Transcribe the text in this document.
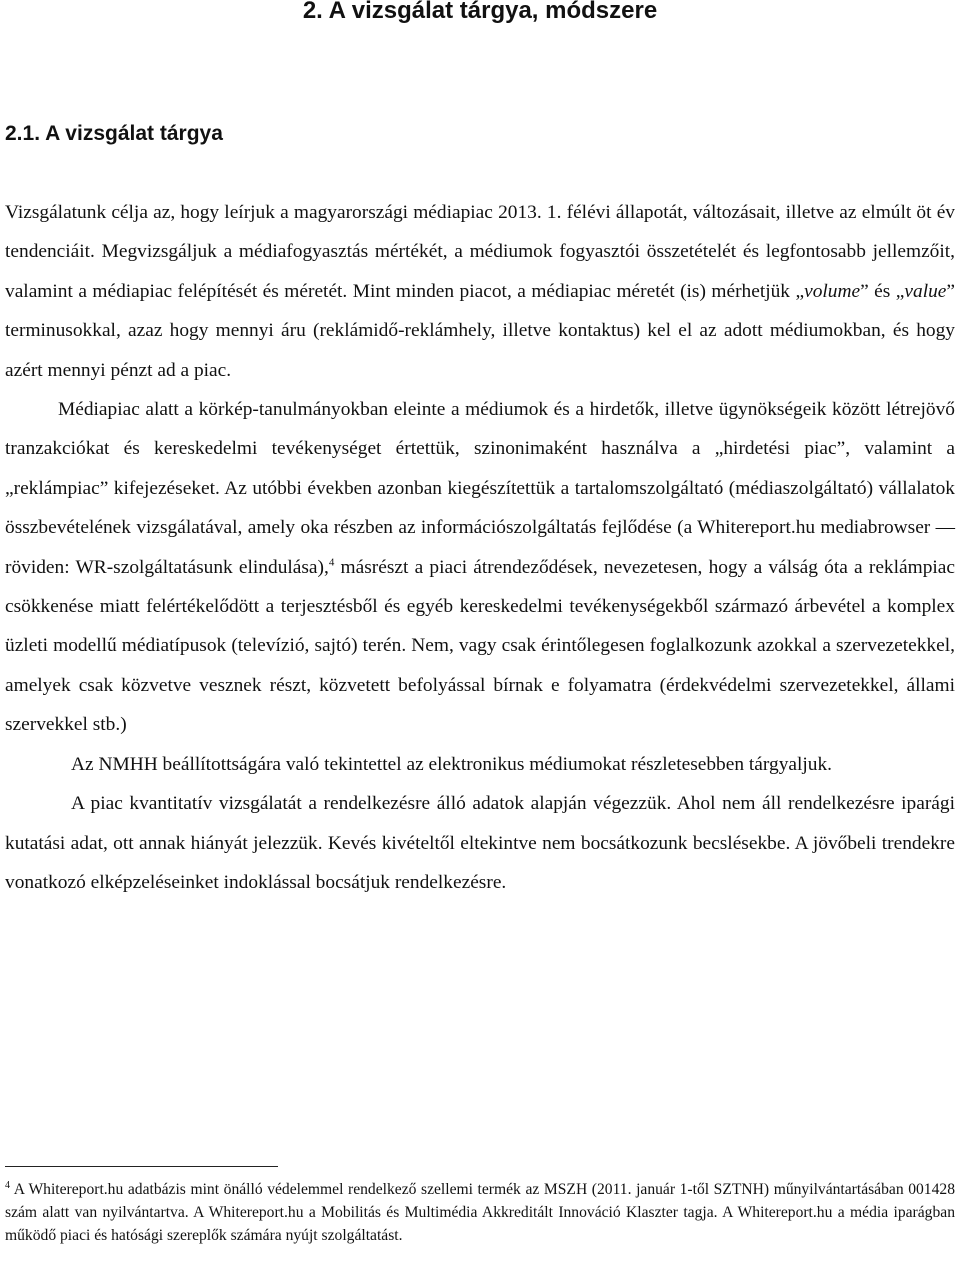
2. A vizsgálat tárgya, módszere
2.1. A vizsgálat tárgya

Vizsgálatunk célja az, hogy leírjuk a magyarországi médiapiac 2013. 1. félévi állapotát, változásait, illetve az elmúlt öt év tendenciáit. Megvizsgáljuk a médiafogyasztás mértékét, a médiumok fogyasztói összetételét és legfontosabb jellemzőit, valamint a médiapiac felépítését és méretét. Mint minden piacot, a médiapiac méretét (is) mérhetjük „volume” és „value” terminusokkal, azaz hogy mennyi áru (reklámidő-reklámhely, illetve kontaktus) kel el az adott médiumokban, és hogy azért mennyi pénzt ad a piac.

Médiapiac alatt a körkép-tanulmányokban eleinte a médiumok és a hirdetők, illetve ügynökségeik között létrejövő tranzakciókat és kereskedelmi tevékenységet értettük, szinonimaként használva a „hirdetési piac”, valamint a „reklámpiac” kifejezéseket. Az utóbbi években azonban kiegészítettük a tartalomszolgáltató (médiaszolgáltató) vállalatok összbevételének vizsgálatával, amely oka részben az információszolgáltatás fejlődése (a Whitereport.hu mediabrowser — röviden: WR-szolgáltatásunk elindulása),$^4$ másrészt a piaci átrendeződések, nevezetesen, hogy a válság óta a reklámpiac csökkenése miatt felértékelődött a terjesztésből és egyéb kereskedelmi tevékenységekből származó árbevétel a komplex üzleti modellű médiatípusok (televízió, sajtó) terén. Nem, vagy csak érintőlegesen foglalkozunk azokkal a szervezetekkel, amelyek csak közvetve vesznek részt, közvetett befolyással bírnak e folyamatra (érdekvédelmi szervezetekkel, állami szervekkel stb.)

Az NMHH beállítottságára való tekintettel az elektronikus médiumokat részletesebben tárgyaljuk.

A piac kvantitatív vizsgálatát a rendelkezésre álló adatok alapján végezzük. Ahol nem áll rendelkezésre iparági kutatási adat, ott annak hiányát jelezzük. Kevés kivételtől eltekintve nem bocsátkozunk becslésekbe. A jövőbeli trendekre vonatkozó elképzeléseinket indoklással bocsátjuk rendelkezésre.

$^4$ A Whitereport.hu adatbázis mint önálló védelemmel rendelkező szellemi termék az MSZH (2011. január 1-től SZTNH) műnyilvántartásában 001428 szám alatt van nyilvántartva. A Whitereport.hu a Mobilitás és Multimédia Akkreditált Innováció Klaszter tagja. A Whitereport.hu a média iparágban működő piaci és hatósági szereplők számára nyújt szolgáltatást.
